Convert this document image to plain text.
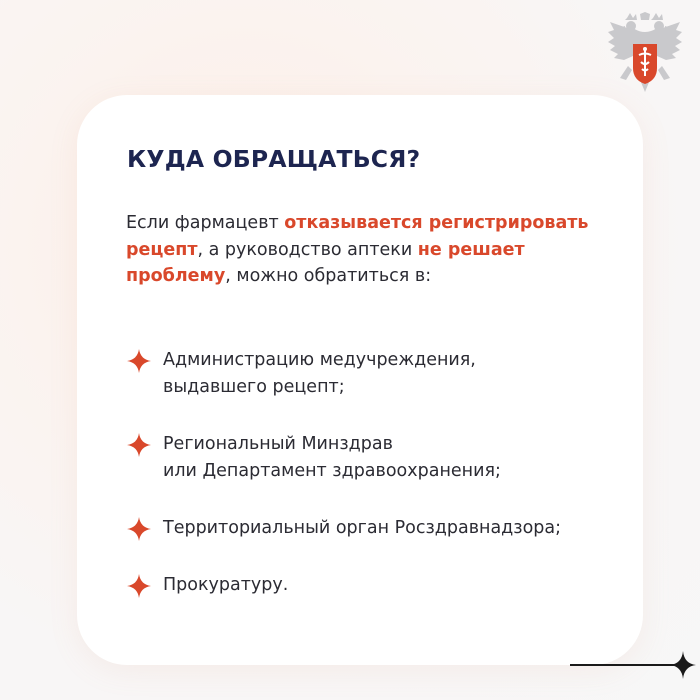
КУДА ОБРАЩАТЬСЯ?

Если фармацевт отказывается регистрировать рецепт, а руководство аптеки не решает проблему, можно обратиться в:

Администрацию медучреждения,
выдавшего рецепт;
Региональный Минздрав
или Департамент здравоохранения;
Территориальный орган Росздравнадзора;
Прокуратуру.
